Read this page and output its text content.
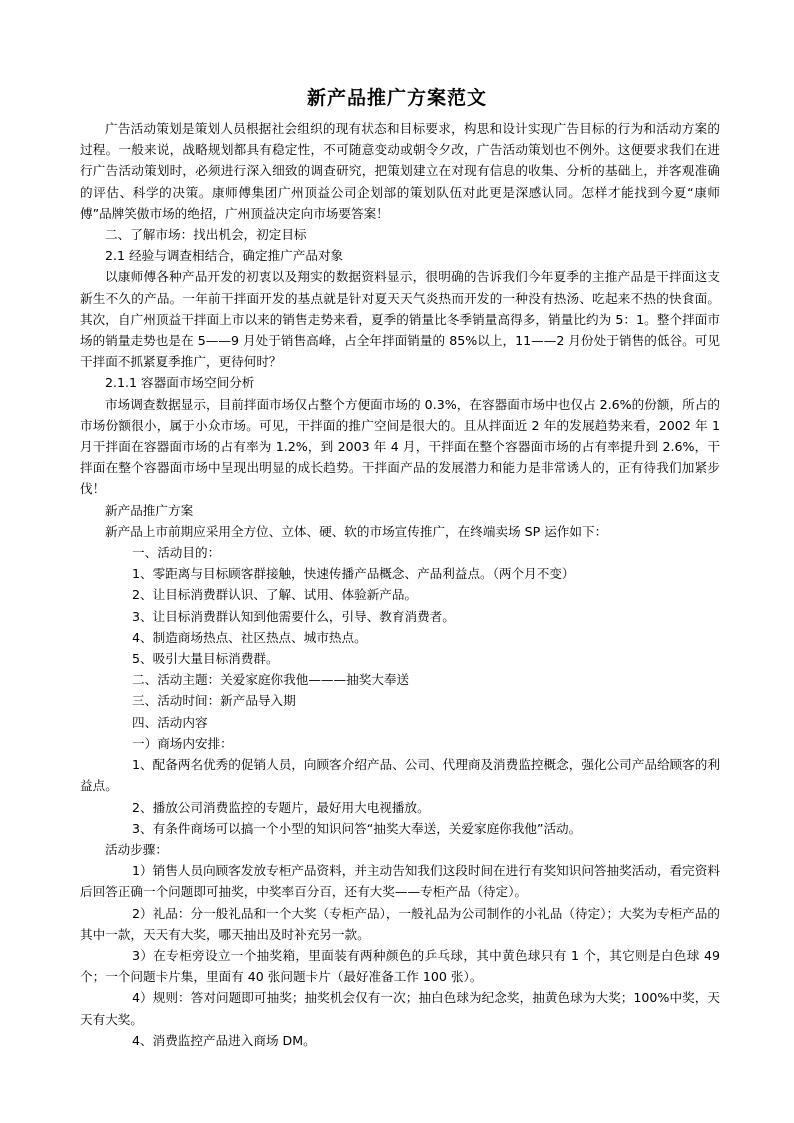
新产品推广方案范文

广告活动策划是策划人员根据社会组织的现有状态和目标要求，构思和设计实现广告目标的行为和活动方案的过程。一般来说，战略规划都具有稳定性，不可随意变动或朝令夕改，广告活动策划也不例外。这便要求我们在进行广告活动策划时，必须进行深入细致的调查研究，把策划建立在对现有信息的收集、分析的基础上，并客观准确的评估、科学的决策。康师傅集团广州顶益公司企划部的策划队伍对此更是深感认同。怎样才能找到今夏“康师傅”品牌笑傲市场的绝招，广州顶益决定向市场要答案！

二、了解市场：找出机会，初定目标

2.1 经验与调查相结合，确定推广产品对象

以康师傅各种产品开发的初衷以及翔实的数据资料显示，很明确的告诉我们今年夏季的主推产品是干拌面这支新生不久的产品。一年前干拌面开发的基点就是针对夏天天气炎热而开发的一种没有热汤、吃起来不热的快食面。其次，自广州顶益干拌面上市以来的销售走势来看，夏季的销量比冬季销量高得多，销量比约为 5：1。整个拌面市场的销量走势也是在 5——9 月处于销售高峰，占全年拌面销量的 85%以上，11——2 月份处于销售的低谷。可见干拌面不抓紧夏季推广，更待何时？

2.1.1 容器面市场空间分析

市场调查数据显示，目前拌面市场仅占整个方便面市场的 0.3%，在容器面市场中也仅占 2.6%的份额，所占的市场份额很小，属于小众市场。可见，干拌面的推广空间是很大的。且从拌面近 2 年的发展趋势来看，2002 年 1 月干拌面在容器面市场的占有率为 1.2%，到 2003 年 4 月，干拌面在整个容器面市场的占有率提升到 2.6%，干拌面在整个容器面市场中呈现出明显的成长趋势。干拌面产品的发展潜力和能力是非常诱人的，正有待我们加紧步伐！

新产品推广方案

新产品上市前期应采用全方位、立体、硬、软的市场宣传推广，在终端卖场 SP 运作如下：

一、活动目的：

1、零距离与目标顾客群接触，快速传播产品概念、产品利益点。（两个月不变）

2、让目标消费群认识、了解、试用、体验新产品。

3、让目标消费群认知到他需要什么，引导、教育消费者。

4、制造商场热点、社区热点、城市热点。

5、吸引大量目标消费群。

二、活动主题：关爱家庭你我他———抽奖大奉送

三、活动时间：新产品导入期

四、活动内容

一）商场内安排：

1、配备两名优秀的促销人员，向顾客介绍产品、公司、代理商及消费监控概念，强化公司产品给顾客的利益点。

2、播放公司消费监控的专题片，最好用大电视播放。

3、有条件商场可以搞一个小型的知识问答“抽奖大奉送，关爱家庭你我他”活动。

活动步骤：

1）销售人员向顾客发放专柜产品资料，并主动告知我们这段时间在进行有奖知识问答抽奖活动，看完资料后回答正确一个问题即可抽奖，中奖率百分百，还有大奖——专柜产品（待定）。

2）礼品：分一般礼品和一个大奖（专柜产品），一般礼品为公司制作的小礼品（待定）；大奖为专柜产品的其中一款，天天有大奖，哪天抽出及时补充另一款。

3）在专柜旁设立一个抽奖箱，里面装有两种颜色的乒乓球，其中黄色球只有 1 个，其它则是白色球 49 个；一个问题卡片集，里面有 40 张问题卡片（最好准备工作 100 张）。

4）规则：答对问题即可抽奖；抽奖机会仅有一次；抽白色球为纪念奖，抽黄色球为大奖；100%中奖，天天有大奖。

4、消费监控产品进入商场 DM。
